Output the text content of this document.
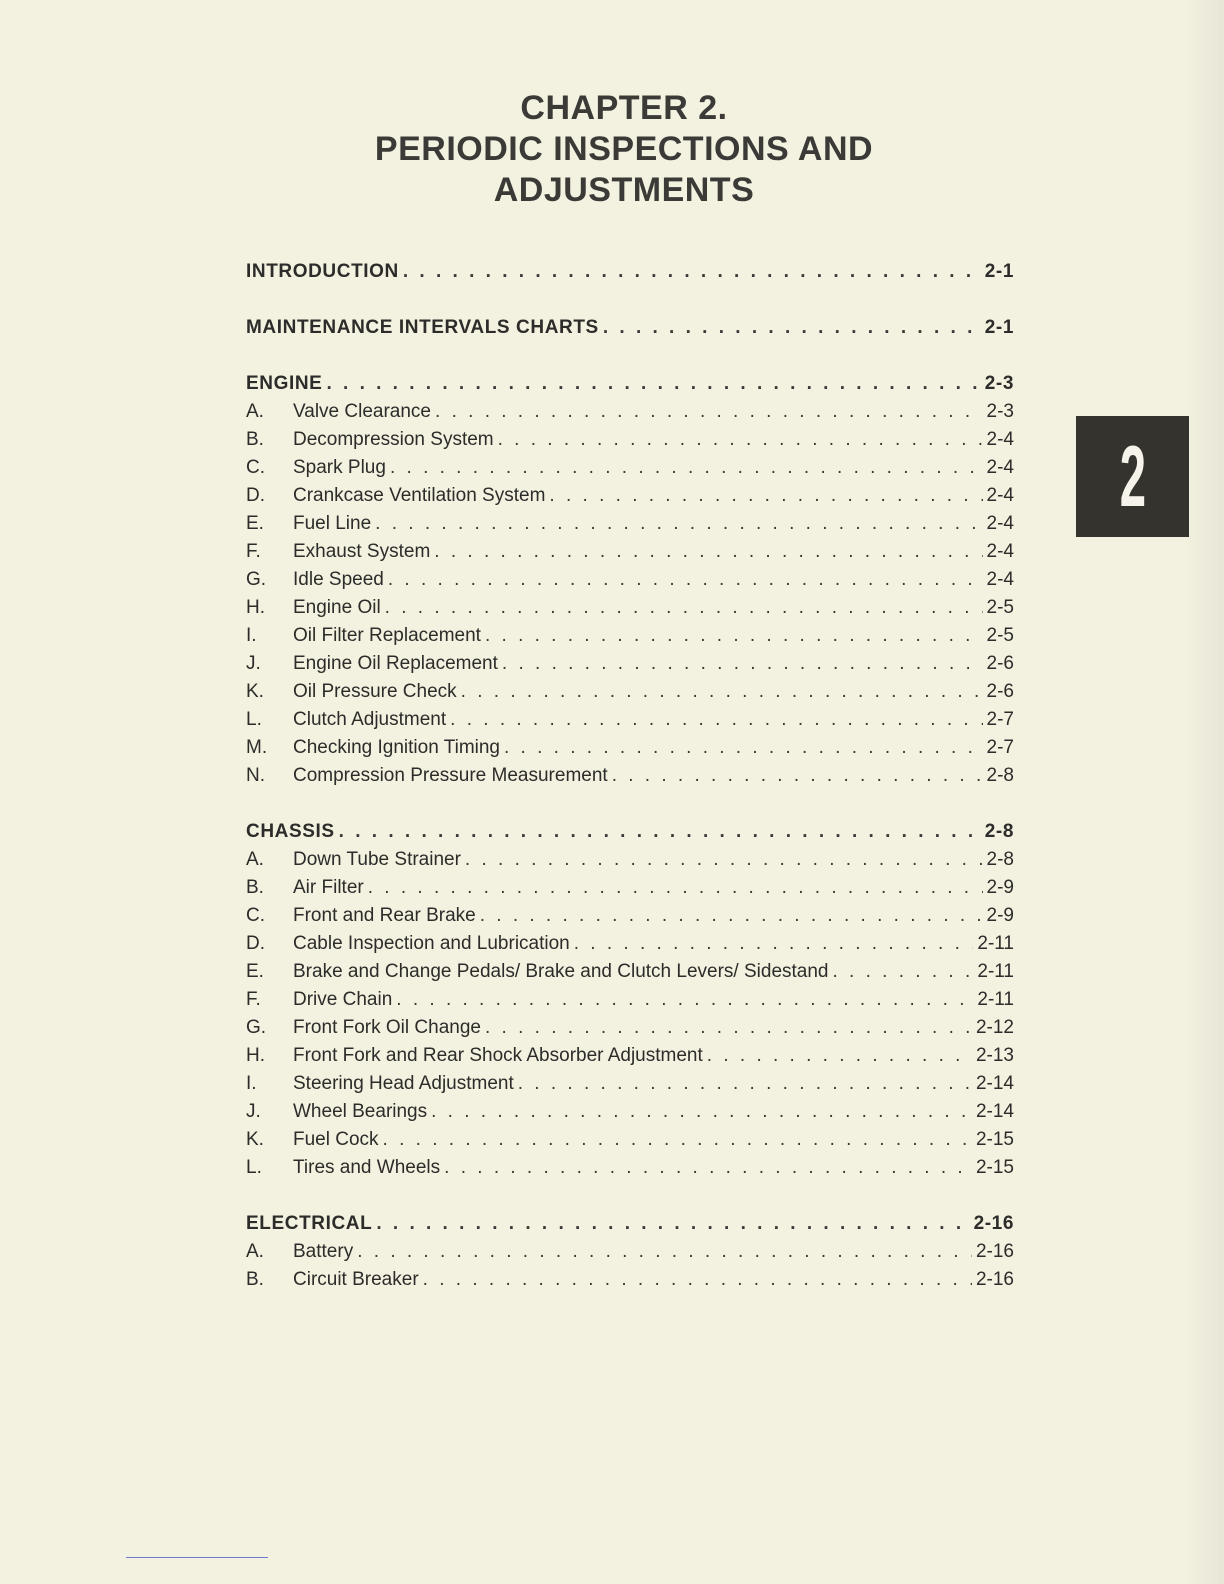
CHAPTER 2.
PERIODIC INSPECTIONS AND
ADJUSTMENTS
INTRODUCTION . . .	2-1
MAINTENANCE INTERVALS CHARTS . . .	2-1
ENGINE . . .	2-3
A.	Valve Clearance . . .	2-3
B.	Decompression System . . .	2-4
C.	Spark Plug . . .	2-4
D.	Crankcase Ventilation System . . .	2-4
E.	Fuel Line . . .	2-4
F.	Exhaust System . . .	2-4
G.	Idle Speed . . .	2-4
H.	Engine Oil . . .	2-5
I.	Oil Filter Replacement . . .	2-5
J.	Engine Oil Replacement . . .	2-6
K.	Oil Pressure Check . . .	2-6
L.	Clutch Adjustment . . .	2-7
M.	Checking Ignition Timing . . .	2-7
N.	Compression Pressure Measurement . . .	2-8
CHASSIS . . .	2-8
A.	Down Tube Strainer . . .	2-8
B.	Air Filter . . .	2-9
C.	Front and Rear Brake . . .	2-9
D.	Cable Inspection and Lubrication . . .	2-11
E.	Brake and Change Pedals/ Brake and Clutch Levers/ Sidestand . . .	2-11
F.	Drive Chain . . .	2-11
G.	Front Fork Oil Change . . .	2-12
H.	Front Fork and Rear Shock Absorber Adjustment . . .	2-13
I.	Steering Head Adjustment . . .	2-14
J.	Wheel Bearings . . .	2-14
K.	Fuel Cock . . .	2-15
L.	Tires and Wheels . . .	2-15
ELECTRICAL . . .	2-16
A.	Battery . . .	2-16
B.	Circuit Breaker . . .	2-16
2
